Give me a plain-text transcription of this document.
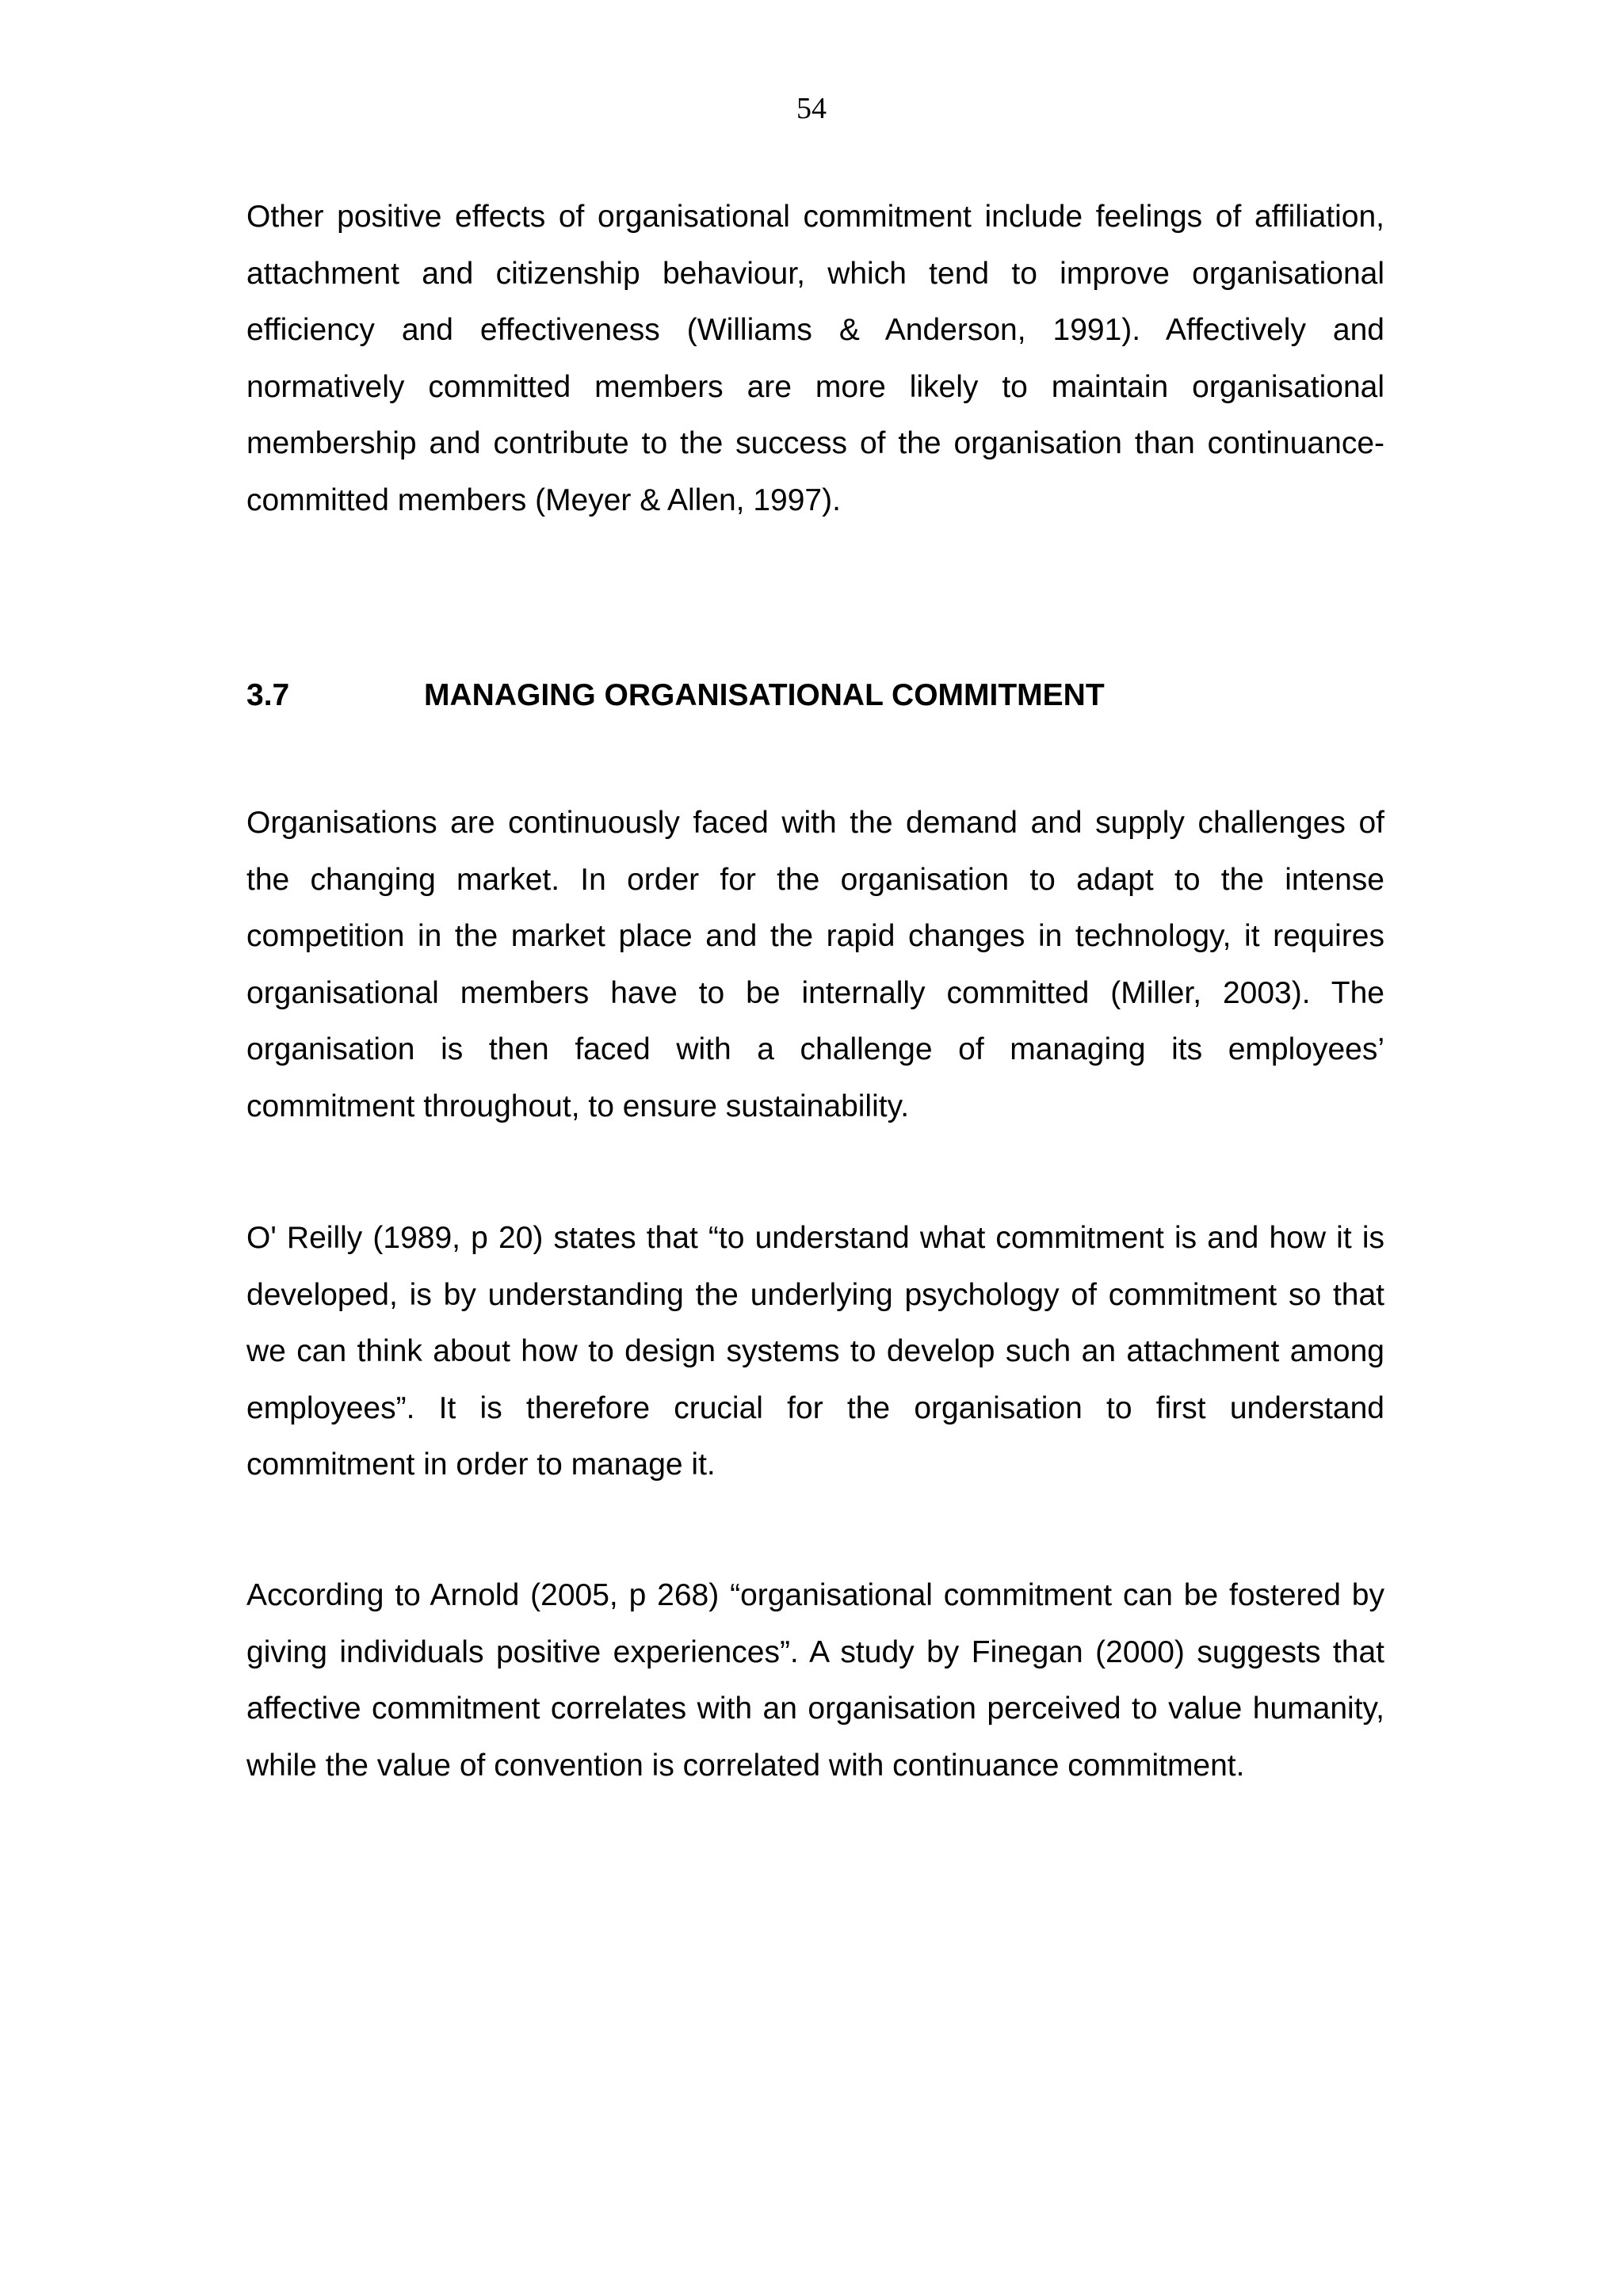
54

Other positive effects of organisational commitment include feelings of affiliation, attachment and citizenship behaviour, which tend to improve organisational efficiency and effectiveness (Williams & Anderson, 1991). Affectively and normatively committed members are more likely to maintain organisational membership and contribute to the success of the organisation than continuance-committed members (Meyer & Allen, 1997).

3.7	MANAGING ORGANISATIONAL COMMITMENT

Organisations are continuously faced with the demand and supply challenges of the changing market. In order for the organisation to adapt to the intense competition in the market place and the rapid changes in technology, it requires organisational members have to be internally committed (Miller, 2003). The organisation is then faced with a challenge of managing its employees’ commitment throughout, to ensure sustainability.

O' Reilly (1989, p 20) states that “to understand what commitment is and how it is developed, is by understanding the underlying psychology of commitment so that we can think about how to design systems to develop such an attachment among employees”. It is therefore crucial for the organisation to first understand commitment in order to manage it.

According to Arnold (2005, p 268) “organisational commitment can be fostered by giving individuals positive experiences”. A study by Finegan (2000) suggests that affective commitment correlates with an organisation perceived to value humanity, while the value of convention is correlated with continuance commitment.
